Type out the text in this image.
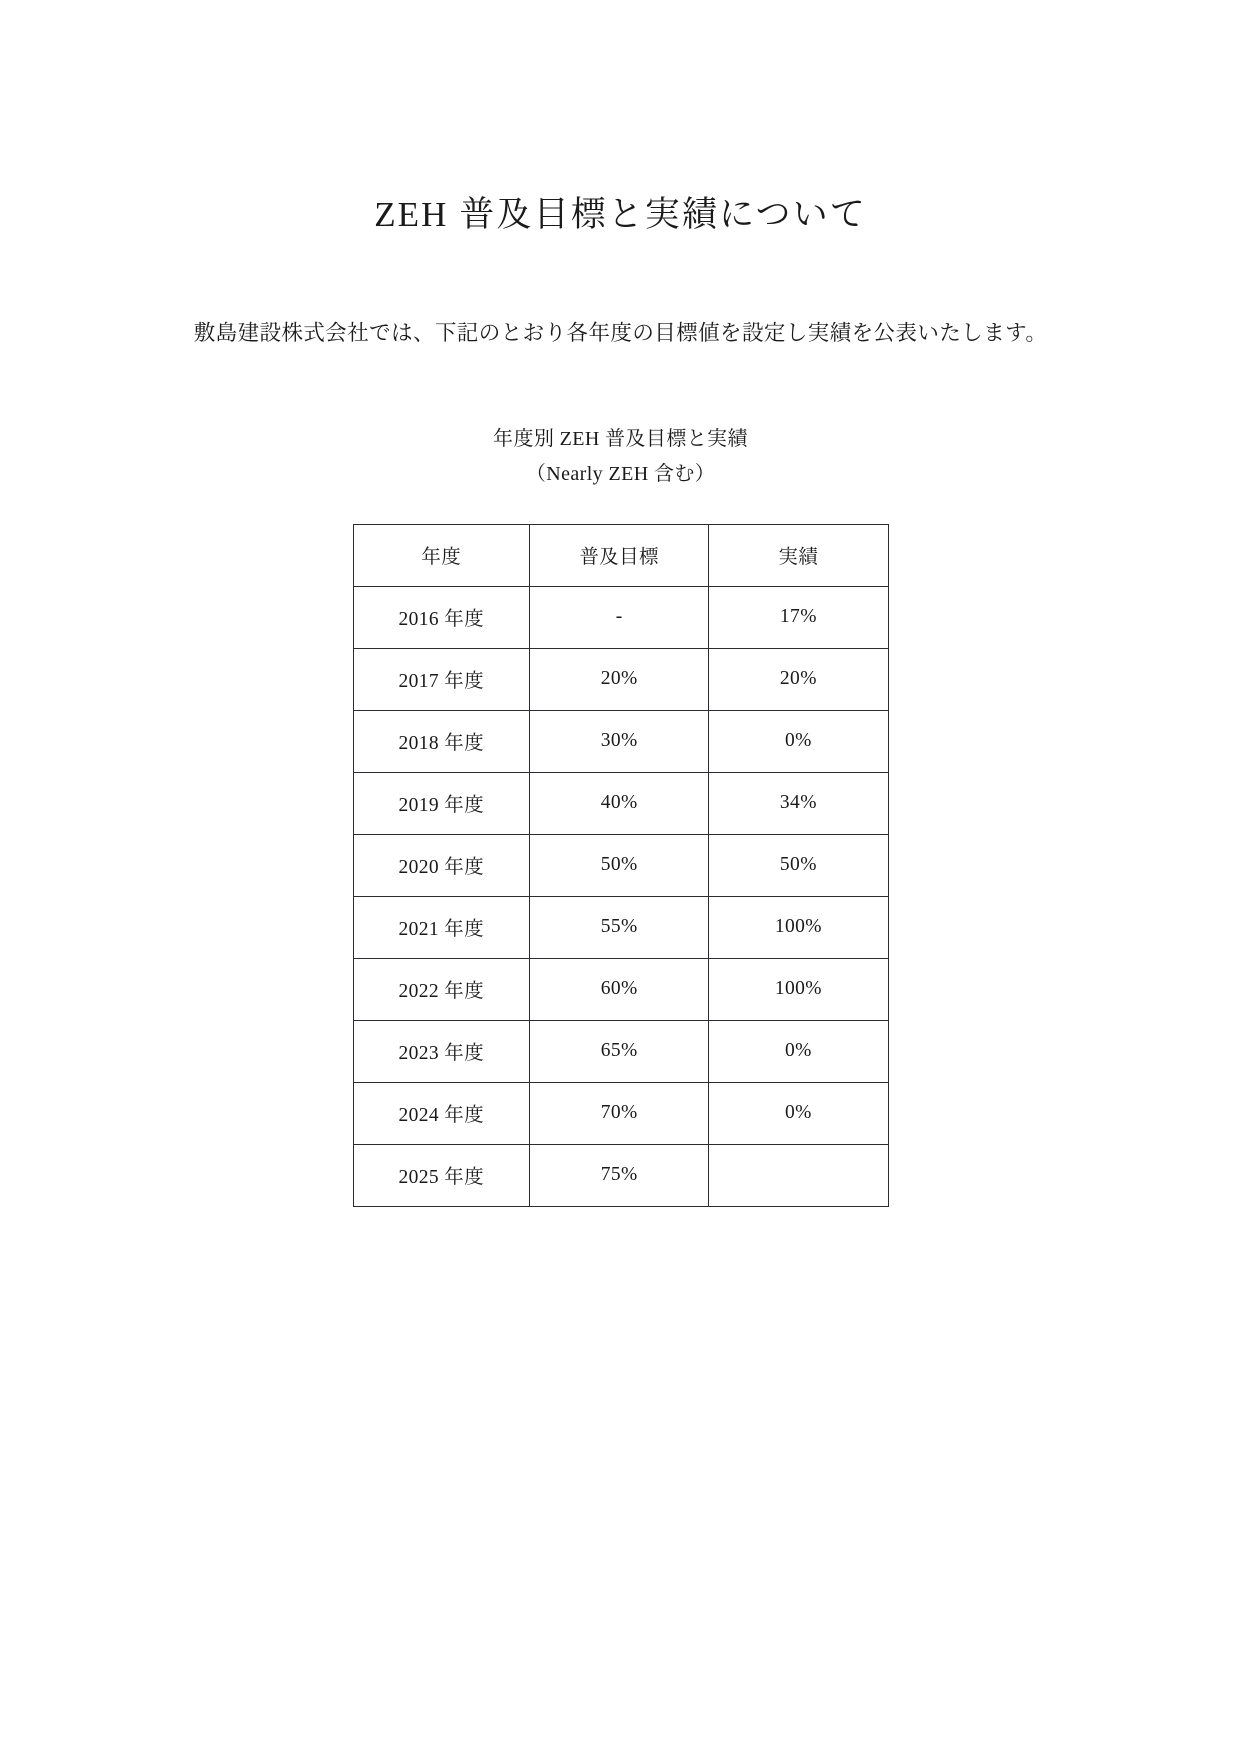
ZEH 普及目標と実績について

敷島建設株式会社では、下記のとおり各年度の目標値を設定し実績を公表いたします。

年度別 ZEH 普及目標と実績
（Nearly ZEH 含む）
年度	普及目標	実績
2016 年度	-	17%
2017 年度	20%	20%
2018 年度	30%	0%
2019 年度	40%	34%
2020 年度	50%	50%
2021 年度	55%	100%
2022 年度	60%	100%
2023 年度	65%	0%
2024 年度	70%	0%
2025 年度	75%	
